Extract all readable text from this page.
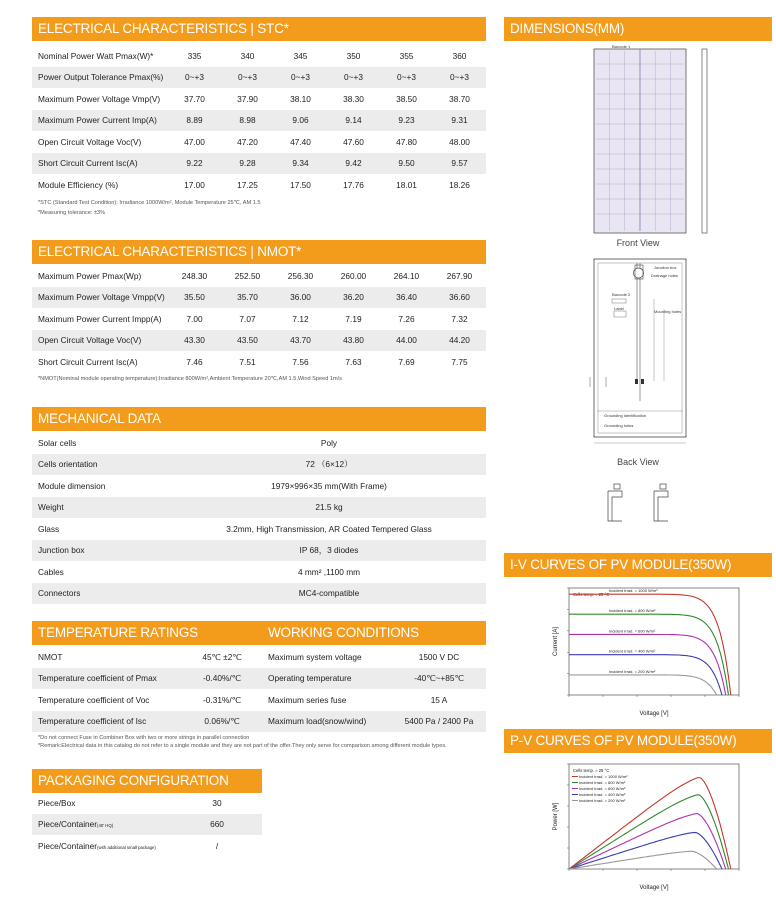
ELECTRICAL CHARACTERISTICS | STC*
Nominal Power Watt Pmax(W)*	335	340	345	350	355	360
Power Output Tolerance Pmax(%)	0~+3	0~+3	0~+3	0~+3	0~+3	0~+3
Maximum Power Voltage Vmp(V)	37.70	37.90	38.10	38.30	38.50	38.70
Maximum Power Current Imp(A)	8.89	8.98	9.06	9.14	9.23	9.31
Open Circuit Voltage Voc(V)	47.00	47.20	47.40	47.60	47.80	48.00
Short Circuit Current Isc(A)	9.22	9.28	9.34	9.42	9.50	9.57
Module Efficiency (%)	17.00	17.25	17.50	17.76	18.01	18.26
*STC (Standard Test Condition): Irradiance 1000W/m², Module Temperature 25℃, AM 1.5
*Measuring tolerance: ±3%
ELECTRICAL CHARACTERISTICS | NMOT*
Maximum Power Pmax(Wp)	248.30	252.50	256.30	260.00	264.10	267.90
Maximum Power Voltage Vmpp(V)	35.50	35.70	36.00	36.20	36.40	36.60
Maximum Power Current Impp(A)	7.00	7.07	7.12	7.19	7.26	7.32
Open Circuit Voltage Voc(V)	43.30	43.50	43.70	43.80	44.00	44.20
Short Circuit Current Isc(A)	7.46	7.51	7.56	7.63	7.69	7.75
*NMOT(Nominal module operating temperature):Irradiance 800W/m²,Ambient Temperature 20℃,AM 1.5,Wind Speed 1m/s
MECHANICAL DATA
Solar cells	Poly
Cells orientation	72 （6×12）
Module dimension	1979×996×35 mm(With Frame)
Weight	21.5 kg
Glass	3.2mm, High Transmission, AR Coated Tempered Glass
Junction box	IP 68，3 diodes
Cables	4 mm² ,1100 mm
Connectors	MC4-compatible
TEMPERATURE RATINGS	WORKING CONDITIONS
NMOT	45℃ ±2℃
Temperature coefficient of Pmax	-0.40%/℃
Temperature coefficient of Voc	-0.31%/℃
Temperature coefficient of Isc	0.06%/℃
Maximum system voltage	1500 V DC
Operating temperature	-40℃~+85℃
Maximum series fuse	15 A
Maximum load(snow/wind)	5400 Pa / 2400 Pa
*Do not connect Fuse in Combiner Box with two or more strings in parallel connection
*Remark:Electrical data in this catalog do not refer to a single module and they are not part of the offer.They only serve for comparison among different module types.
PACKAGING CONFIGURATION
Piece/Box	30
Piece/Container(40' HQ)	660
Piece/Container(with additional small package)	/
DIMENSIONS(MM)
Barcode 1
Front View
Junction box
Drainage holes
Barcode 2
Label
Mounting holes
Grounding identification
Grounding holes
Back View
I-V CURVES OF PV MODULE(350W)
Voltage [V]
Current [A]
Cells temp. = 25 °C
Incident Irrad. = 1000 W/m²
Incident Irrad. = 800 W/m²
Incident Irrad. = 600 W/m²
Incident Irrad. = 400 W/m²
Incident Irrad. = 200 W/m²
P-V CURVES OF PV MODULE(350W)
Voltage [V]
Power [W]
Cells temp. = 25 °C
Incident Irrad. = 1000 W/m²
Incident Irrad. = 800 W/m²
Incident Irrad. = 600 W/m²
Incident Irrad. = 400 W/m²
Incident Irrad. = 200 W/m²
